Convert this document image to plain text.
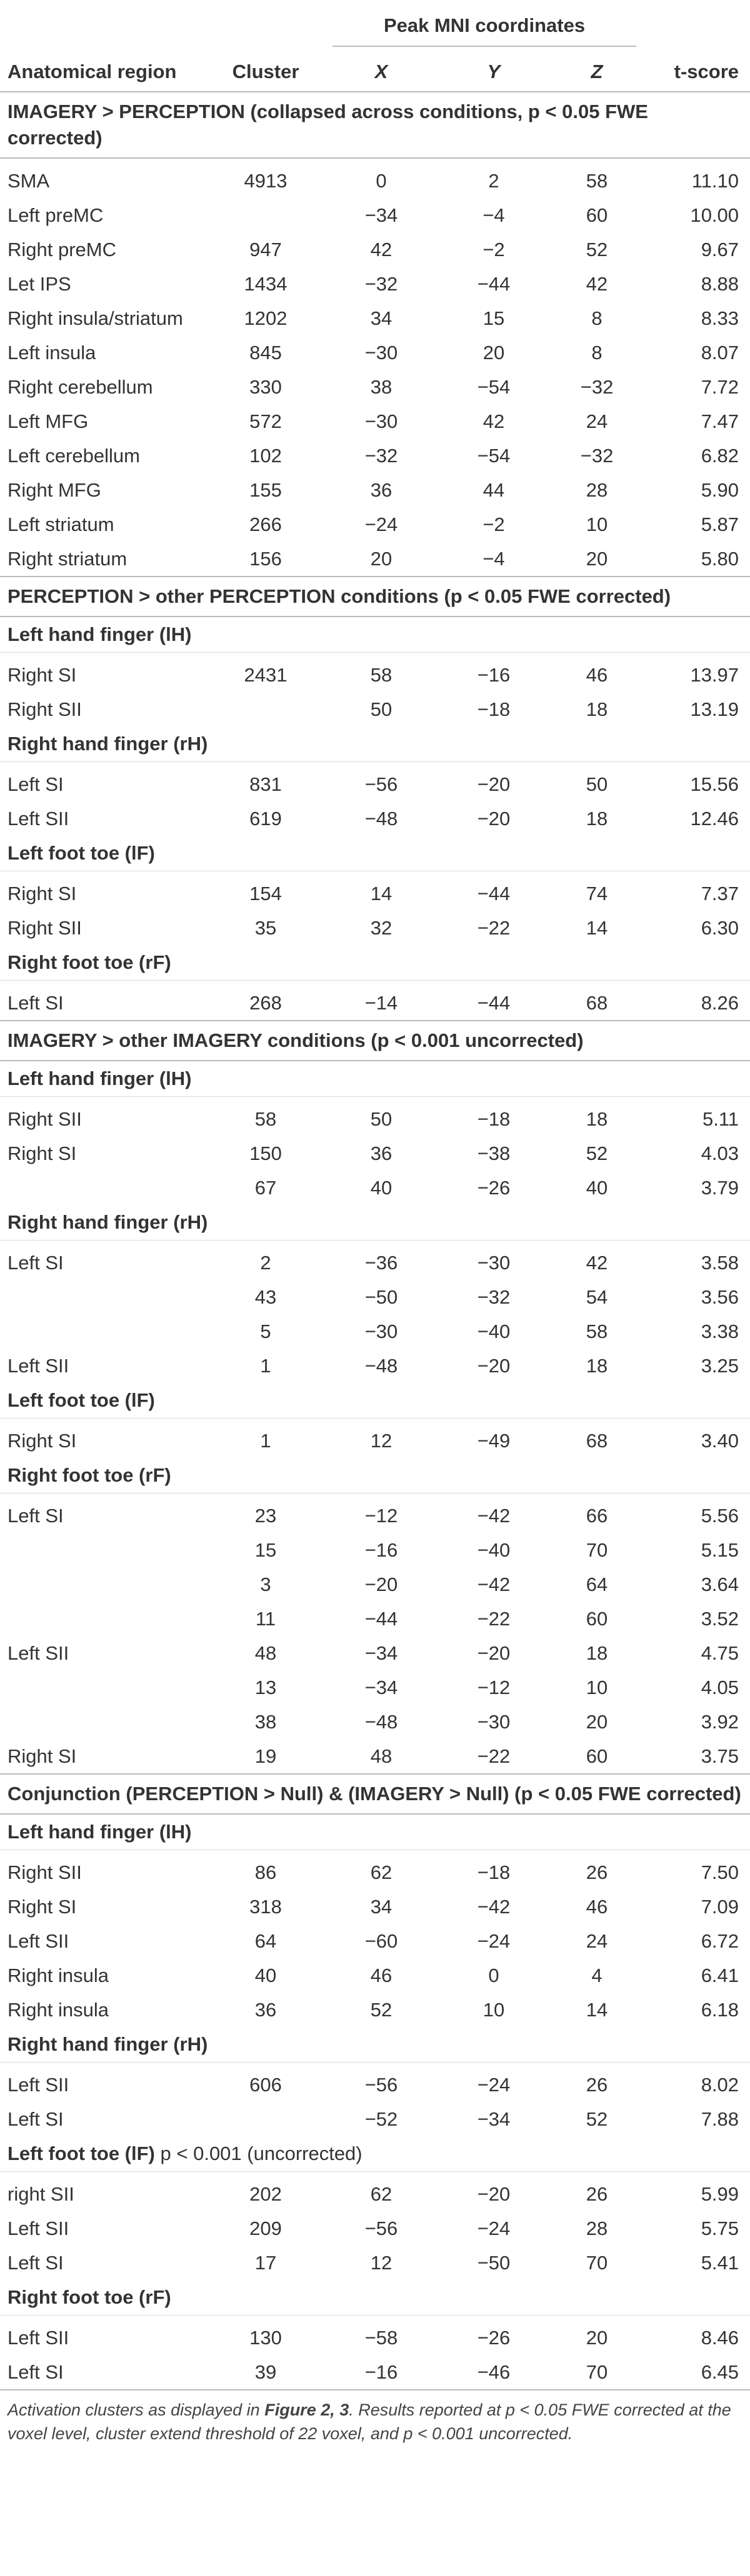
		Peak MNI coordinates			

Anatomical region	Cluster	X	Y	Z	t-score
IMAGERY > PERCEPTION (collapsed across conditions, p < 0.05 FWE corrected)					
SMA	4913	0	2	58	11.10
Left preMC		−34	−4	60	10.00
Right preMC	947	42	−2	52	9.67
Let IPS	1434	−32	−44	42	8.88
Right insula/striatum	1202	34	15	8	8.33
Left insula	845	−30	20	8	8.07
Right cerebellum	330	38	−54	−32	7.72
Left MFG	572	−30	42	24	7.47
Left cerebellum	102	−32	−54	−32	6.82
Right MFG	155	36	44	28	5.90
Left striatum	266	−24	−2	10	5.87
Right striatum	156	20	−4	20	5.80
PERCEPTION > other PERCEPTION conditions (p < 0.05 FWE corrected)					
Left hand finger (lH)					
Right SI	2431	58	−16	46	13.97
Right SII		50	−18	18	13.19
Right hand finger (rH)					
Left SI	831	−56	−20	50	15.56
Left SII	619	−48	−20	18	12.46
Left foot toe (lF)					
Right SI	154	14	−44	74	7.37
Right SII	35	32	−22	14	6.30
Right foot toe (rF)					
Left SI	268	−14	−44	68	8.26
IMAGERY > other IMAGERY conditions (p < 0.001 uncorrected)					
Left hand finger (lH)					
Right SII	58	50	−18	18	5.11
Right SI	150	36	−38	52	4.03
	67	40	−26	40	3.79
Right hand finger (rH)					
Left SI	2	−36	−30	42	3.58
	43	−50	−32	54	3.56
	5	−30	−40	58	3.38
Left SII	1	−48	−20	18	3.25
Left foot toe (lF)					
Right SI	1	12	−49	68	3.40
Right foot toe (rF)					
Left SI	23	−12	−42	66	5.56
	15	−16	−40	70	5.15
	3	−20	−42	64	3.64
	11	−44	−22	60	3.52
Left SII	48	−34	−20	18	4.75
	13	−34	−12	10	4.05
	38	−48	−30	20	3.92
Right SI	19	48	−22	60	3.75
Conjunction (PERCEPTION > Null) & (IMAGERY > Null) (p < 0.05 FWE corrected)					
Left hand finger (lH)					
Right SII	86	62	−18	26	7.50
Right SI	318	34	−42	46	7.09
Left SII	64	−60	−24	24	6.72
Right insula	40	46	0	4	6.41
Right insula	36	52	10	14	6.18
Right hand finger (rH)					
Left SII	606	−56	−24	26	8.02
Left SI		−52	−34	52	7.88
Left foot toe (lF) p < 0.001 (uncorrected)					
right SII	202	62	−20	26	5.99
Left SII	209	−56	−24	28	5.75
Left SI	17	12	−50	70	5.41
Right foot toe (rF)					
Left SII	130	−58	−26	20	8.46
Left SI	39	−16	−46	70	6.45
Activation clusters as displayed in Figure 2, 3. Results reported at p < 0.05 FWE corrected at the voxel level, cluster extend threshold of 22 voxel, and p < 0.001 uncorrected.
